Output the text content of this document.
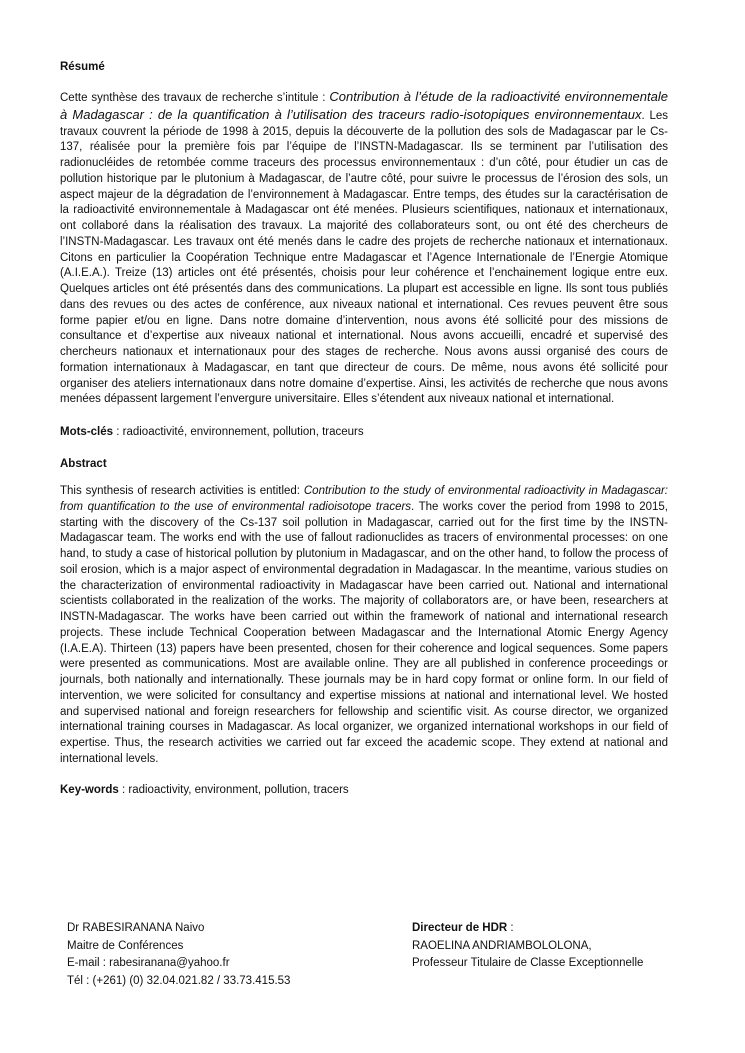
Résumé

Cette synthèse des travaux de recherche s’intitule : Contribution à l’étude de la radioactivité environnementale à Madagascar : de la quantification à l’utilisation des traceurs radio-isotopiques environnementaux. Les travaux couvrent la période de 1998 à 2015, depuis la découverte de la pollution des sols de Madagascar par le Cs-137, réalisée pour la première fois par l’équipe de l’INSTN-Madagascar. Ils se terminent par l’utilisation des radionucléides de retombée comme traceurs des processus environnementaux : d’un côté, pour étudier un cas de pollution historique par le plutonium à Madagascar, de l’autre côté, pour suivre le processus de l’érosion des sols, un aspect majeur de la dégradation de l’environnement à Madagascar. Entre temps, des études sur la caractérisation de la radioactivité environnementale à Madagascar ont été menées. Plusieurs scientifiques, nationaux et internationaux, ont collaboré dans la réalisation des travaux. La majorité des collaborateurs sont, ou ont été des chercheurs de l’INSTN-Madagascar. Les travaux ont été menés dans le cadre des projets de recherche nationaux et internationaux. Citons en particulier la Coopération Technique entre Madagascar et l’Agence Internationale de l’Energie Atomique (A.I.E.A.). Treize (13) articles ont été présentés, choisis pour leur cohérence et l’enchainement logique entre eux. Quelques articles ont été présentés dans des communications. La plupart est accessible en ligne. Ils sont tous publiés dans des revues ou des actes de conférence, aux niveaux national et international. Ces revues peuvent être sous forme papier et/ou en ligne. Dans notre domaine d’intervention, nous avons été sollicité pour des missions de consultance et d’expertise aux niveaux national et international. Nous avons accueilli, encadré et supervisé des chercheurs nationaux et internationaux pour des stages de recherche. Nous avons aussi organisé des cours de formation internationaux à Madagascar, en tant que directeur de cours. De même, nous avons été sollicité pour organiser des ateliers internationaux dans notre domaine d’expertise. Ainsi, les activités de recherche que nous avons menées dépassent largement l’envergure universitaire. Elles s’étendent aux niveaux national et international.

Mots-clés : radioactivité, environnement, pollution, traceurs

Abstract

This synthesis of research activities is entitled: Contribution to the study of environmental radioactivity in Madagascar: from quantification to the use of environmental radioisotope tracers. The works cover the period from 1998 to 2015, starting with the discovery of the Cs-137 soil pollution in Madagascar, carried out for the first time by the INSTN-Madagascar team. The works end with the use of fallout radionuclides as tracers of environmental processes: on one hand, to study a case of historical pollution by plutonium in Madagascar, and on the other hand, to follow the process of soil erosion, which is a major aspect of environmental degradation in Madagascar. In the meantime, various studies on the characterization of environmental radioactivity in Madagascar have been carried out. National and international scientists collaborated in the realization of the works. The majority of collaborators are, or have been, researchers at INSTN-Madagascar. The works have been carried out within the framework of national and international research projects. These include Technical Cooperation between Madagascar and the International Atomic Energy Agency (I.A.E.A). Thirteen (13) papers have been presented, chosen for their coherence and logical sequences. Some papers were presented as communications. Most are available online. They are all published in conference proceedings or journals, both nationally and internationally. These journals may be in hard copy format or online form. In our field of intervention, we were solicited for consultancy and expertise missions at national and international level. We hosted and supervised national and foreign researchers for fellowship and scientific visit. As course director, we organized international training courses in Madagascar. As local organizer, we organized international workshops in our field of expertise. Thus, the research activities we carried out far exceed the academic scope. They extend at national and international levels.

Key-words : radioactivity, environment, pollution, tracers

Dr RABESIRANANA Naivo
Maitre de Conférences
E-mail : rabesiranana@yahoo.fr
Tél : (+261) (0) 32.04.021.82 / 33.73.415.53
Directeur de HDR :
RAOELINA ANDRIAMBOLOLONA,
Professeur Titulaire de Classe Exceptionnelle
